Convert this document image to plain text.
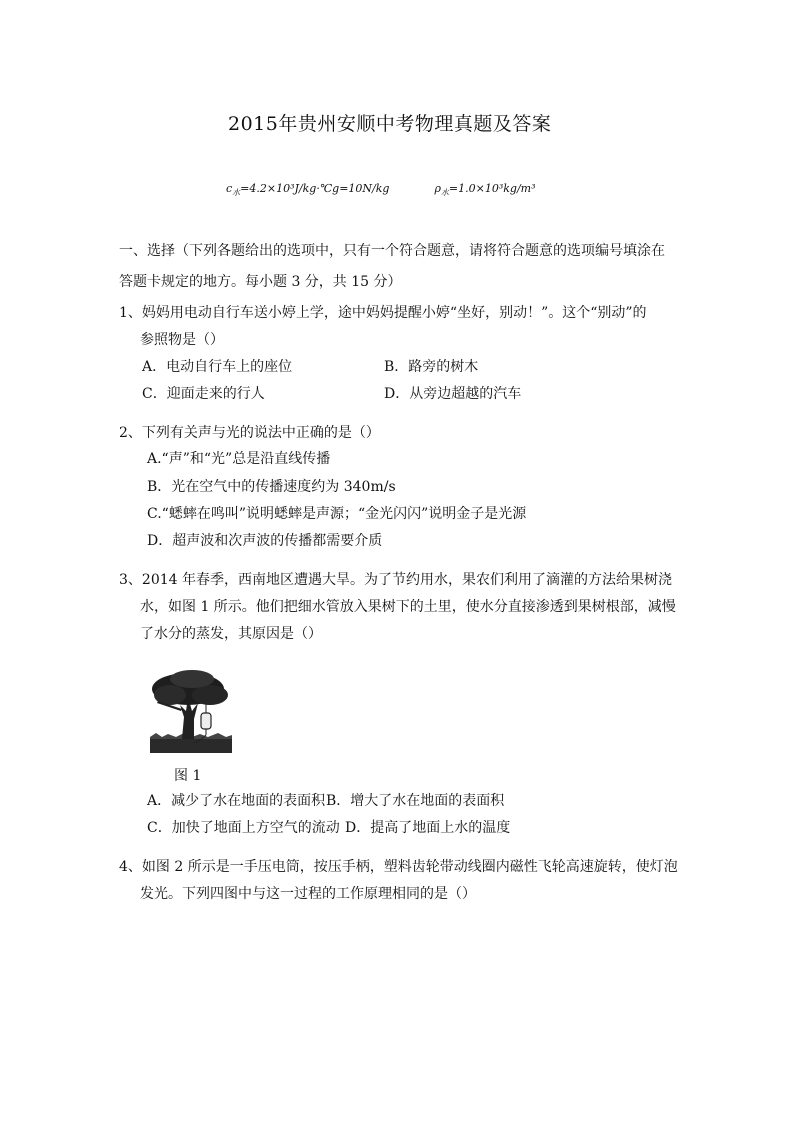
2015年贵州安顺中考物理真题及答案
$c_水=4.2\times 10^3J/kg\cdot℃g=10N/kg$	$\rho_水=1.0\times 10^3kg/m^3$
一、选择（下列各题给出的选项中，只有一个符合题意，请将符合题意的选项编号填涂在
答题卡规定的地方。每小题 3 分，共 15 分）
1、妈妈用电动自行车送小婷上学，途中妈妈提醒小婷“坐好，别动！”。这个“别动”的
参照物是（）
A．电动自行车上的座位	B．路旁的树木
C．迎面走来的行人	D．从旁边超越的汽车
2、下列有关声与光的说法中正确的是（）
A.“声”和“光”总是沿直线传播
B．光在空气中的传播速度约为 340m/s
C.“蟋蟀在鸣叫”说明蟋蟀是声源；“金光闪闪”说明金子是光源
D．超声波和次声波的传播都需要介质
3、2014 年春季，西南地区遭遇大旱。为了节约用水，果农们利用了滴灌的方法给果树浇
水，如图 1 所示。他们把细水管放入果树下的土里，使水分直接渗透到果树根部，减慢
了水分的蒸发，其原因是（）
图 1
A．减少了水在地面的表面积 B．增大了水在地面的表面积
C．加快了地面上方空气的流动 D．提高了地面上水的温度
4、如图 2 所示是一手压电筒，按压手柄，塑料齿轮带动线圈内磁性飞轮高速旋转，使灯泡
发光。下列四图中与这一过程的工作原理相同的是（）
